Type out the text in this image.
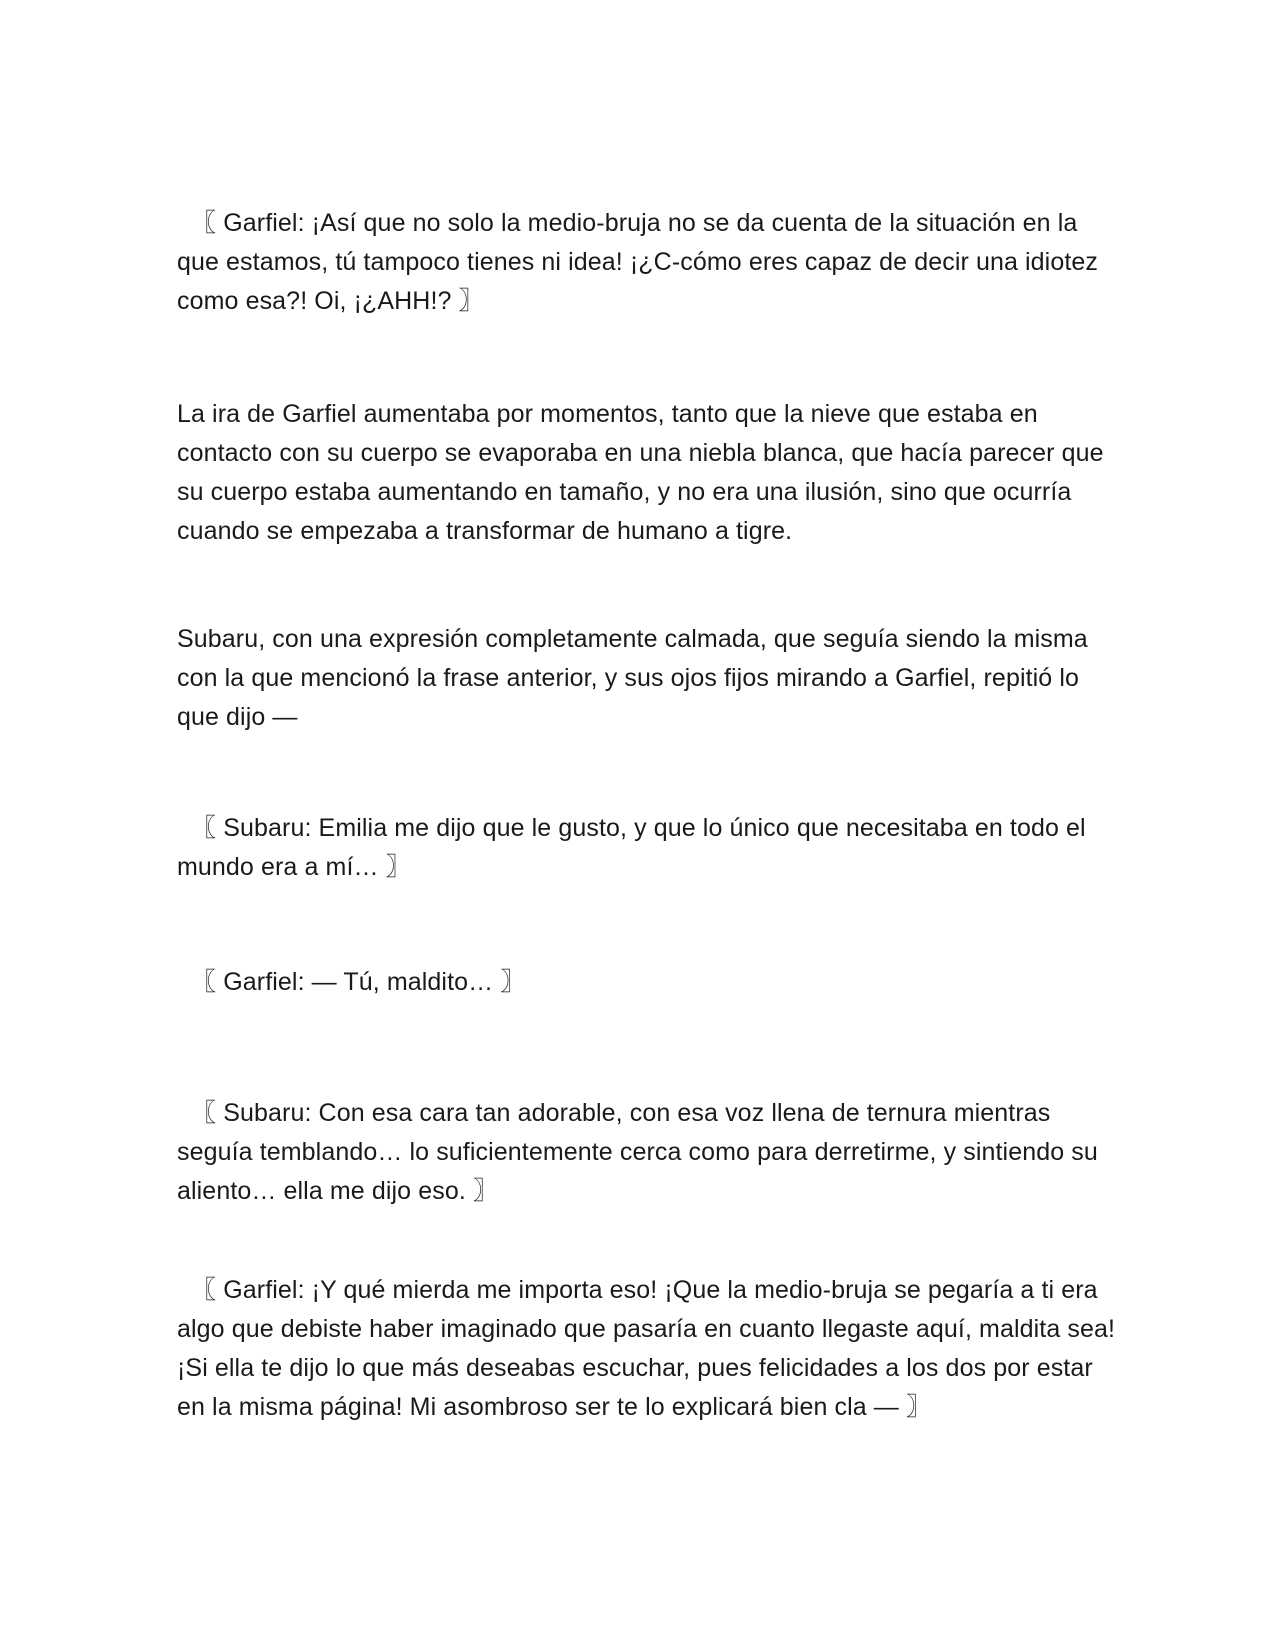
〖 Garfiel: ¡Así que no solo la medio-bruja no se da cuenta de la situación en la que estamos, tú tampoco tienes ni idea! ¡¿C-cómo eres capaz de decir una idiotez como esa?! Oi, ¡¿AHH!? 〗

La ira de Garfiel aumentaba por momentos, tanto que la nieve que estaba en contacto con su cuerpo se evaporaba en una niebla blanca, que hacía parecer que su cuerpo estaba aumentando en tamaño, y no era una ilusión, sino que ocurría cuando se empezaba a transformar de humano a tigre.

Subaru, con una expresión completamente calmada, que seguía siendo la misma con la que mencionó la frase anterior, y sus ojos fijos mirando a Garfiel, repitió lo que dijo —

〖 Subaru: Emilia me dijo que le gusto, y que lo único que necesitaba en todo el mundo era a mí… 〗

〖 Garfiel: — Tú, maldito… 〗

〖 Subaru: Con esa cara tan adorable, con esa voz llena de ternura mientras seguía temblando… lo suficientemente cerca como para derretirme, y sintiendo su aliento… ella me dijo eso. 〗

〖 Garfiel: ¡Y qué mierda me importa eso! ¡Que la medio-bruja se pegaría a ti era algo que debiste haber imaginado que pasaría en cuanto llegaste aquí, maldita sea! ¡Si ella te dijo lo que más deseabas escuchar, pues felicidades a los dos por estar en la misma página! Mi asombroso ser te lo explicará bien cla — 〗
